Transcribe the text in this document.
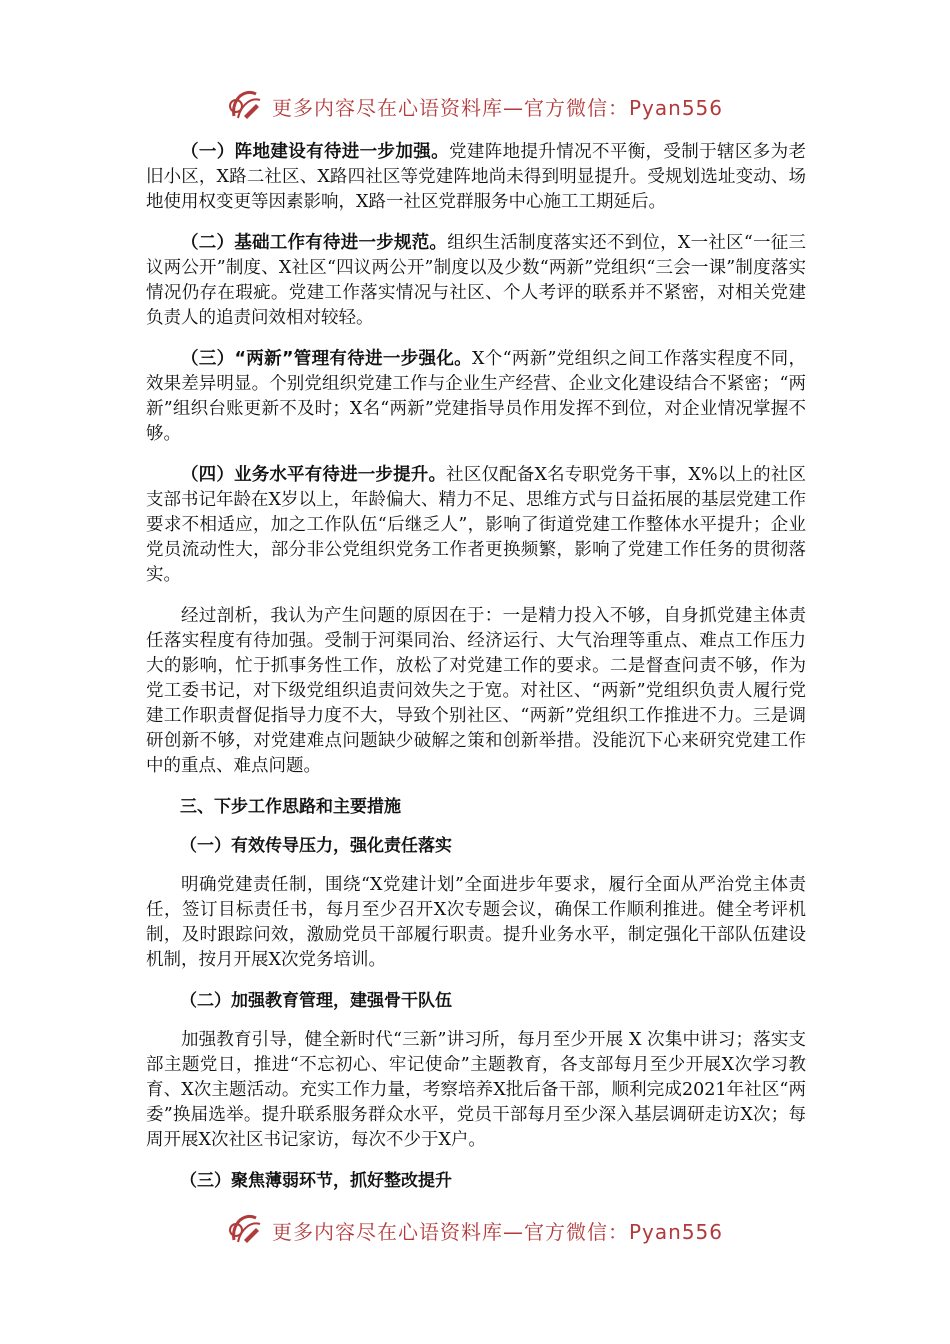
更多内容尽在心语资料库—官方微信：Pyan556

（一）阵地建设有待进一步加强。党建阵地提升情况不平衡，受制于辖区多为老旧小区，X路二社区、X路四社区等党建阵地尚未得到明显提升。受规划选址变动、场地使用权变更等因素影响，X路一社区党群服务中心施工工期延后。

（二）基础工作有待进一步规范。组织生活制度落实还不到位，X一社区“一征三议两公开”制度、X社区“四议两公开”制度以及少数“两新”党组织“三会一课”制度落实情况仍存在瑕疵。党建工作落实情况与社区、个人考评的联系并不紧密，对相关党建负责人的追责问效相对较轻。

（三）“两新”管理有待进一步强化。X个“两新”党组织之间工作落实程度不同，效果差异明显。个别党组织党建工作与企业生产经营、企业文化建设结合不紧密；“两新”组织台账更新不及时；X名“两新”党建指导员作用发挥不到位，对企业情况掌握不够。

（四）业务水平有待进一步提升。社区仅配备X名专职党务干事，X%以上的社区支部书记年龄在X岁以上，年龄偏大、精力不足、思维方式与日益拓展的基层党建工作要求不相适应，加之工作队伍“后继乏人”，影响了街道党建工作整体水平提升；企业党员流动性大，部分非公党组织党务工作者更换频繁，影响了党建工作任务的贯彻落实。

经过剖析，我认为产生问题的原因在于：一是精力投入不够，自身抓党建主体责任落实程度有待加强。受制于河渠同治、经济运行、大气治理等重点、难点工作压力大的影响，忙于抓事务性工作，放松了对党建工作的要求。二是督查问责不够，作为党工委书记，对下级党组织追责问效失之于宽。对社区、“两新”党组织负责人履行党建工作职责督促指导力度不大，导致个别社区、“两新”党组织工作推进不力。三是调研创新不够，对党建难点问题缺少破解之策和创新举措。没能沉下心来研究党建工作中的重点、难点问题。

三、下步工作思路和主要措施

（一）有效传导压力，强化责任落实

明确党建责任制，围绕“X党建计划”全面进步年要求，履行全面从严治党主体责任，签订目标责任书，每月至少召开X次专题会议，确保工作顺利推进。健全考评机制，及时跟踪问效，激励党员干部履行职责。提升业务水平，制定强化干部队伍建设机制，按月开展X次党务培训。

（二）加强教育管理，建强骨干队伍

加强教育引导，健全新时代“三新”讲习所，每月至少开展 X 次集中讲习；落实支部主题党日，推进“不忘初心、牢记使命”主题教育，各支部每月至少开展X次学习教育、X次主题活动。充实工作力量，考察培养X批后备干部，顺利完成2021年社区“两委”换届选举。提升联系服务群众水平，党员干部每月至少深入基层调研走访X次；每周开展X次社区书记家访，每次不少于X户。

（三）聚焦薄弱环节，抓好整改提升

更多内容尽在心语资料库—官方微信：Pyan556
